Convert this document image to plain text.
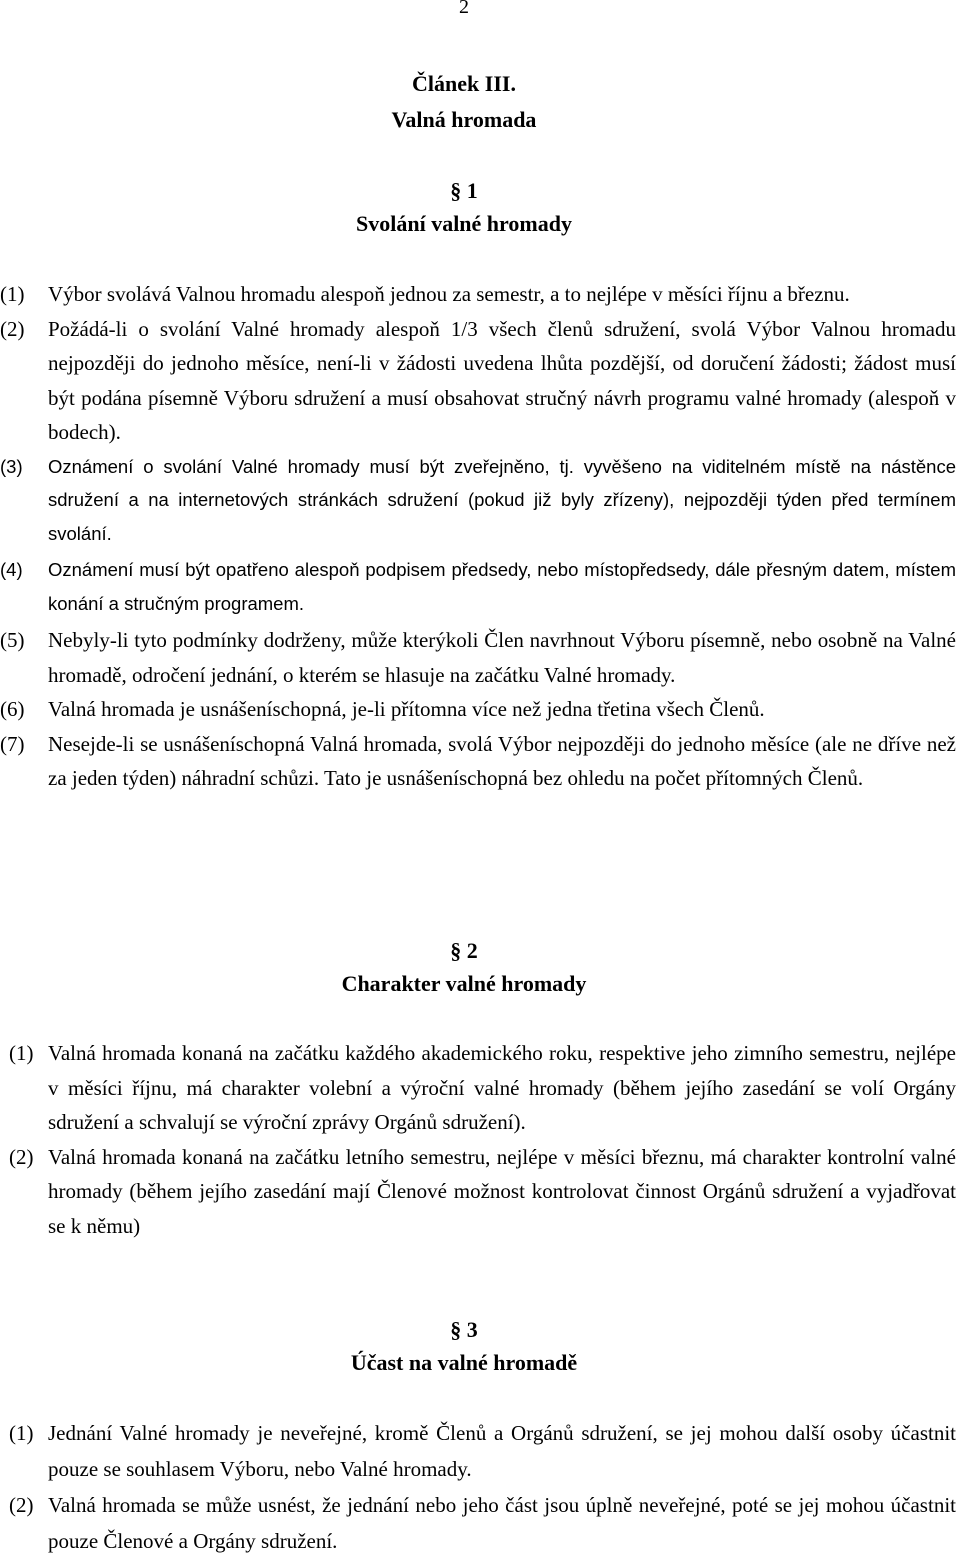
2
Článek III.
Valná hromada
§ 1
Svolání valné hromady
(1) Výbor svolává Valnou hromadu alespoň jednou za semestr, a to nejlépe v měsíci říjnu a březnu.
(2) Požádá-li o svolání Valné hromady alespoň 1/3 všech členů sdružení, svolá Výbor Valnou hromadu nejpozději do jednoho měsíce, není-li v žádosti uvedena lhůta pozdější, od doručení žádosti; žádost musí být podána písemně Výboru sdružení a musí obsahovat stručný návrh programu valné hromady (alespoň v bodech).
(3) Oznámení o svolání Valné hromady musí být zveřejněno, tj. vyvěšeno na viditelném místě na nástěnce sdružení a na internetových stránkách sdružení (pokud již byly zřízeny), nejpozději týden před termínem svolání.
(4) Oznámení musí být opatřeno alespoň podpisem předsedy, nebo místopředsedy, dále přesným datem, místem konání a stručným programem.
(5) Nebyly-li tyto podmínky dodrženy, může kterýkoli Člen navrhnout Výboru písemně, nebo osobně na Valné hromadě, odročení jednání, o kterém se hlasuje na začátku Valné hromady.
(6) Valná hromada je usnášeníschopná, je-li přítomna více než jedna třetina všech Členů.
(7) Nesejde-li se usnášeníschopná Valná hromada, svolá Výbor nejpozději do jednoho měsíce (ale ne dříve než za jeden týden) náhradní schůzi. Tato je usnášeníschopná bez ohledu na počet přítomných Členů.
§ 2
Charakter valné hromady
(1) Valná hromada konaná na začátku každého akademického roku, respektive jeho zimního semestru, nejlépe v měsíci říjnu, má charakter volební a výroční valné hromady (během jejího zasedání se volí Orgány sdružení a schvalují se výroční zprávy Orgánů sdružení).
(2) Valná hromada konaná na začátku letního semestru, nejlépe v měsíci březnu, má charakter kontrolní valné hromady (během jejího zasedání mají Členové možnost kontrolovat činnost Orgánů sdružení a vyjadřovat se k němu)
§ 3
Účast na valné hromadě
(1) Jednání Valné hromady je neveřejné, kromě Členů a Orgánů sdružení, se jej mohou další osoby účastnit pouze se souhlasem Výboru, nebo Valné hromady.
(2) Valná hromada se může usnést, že jednání nebo jeho část jsou úplně neveřejné, poté se jej mohou účastnit pouze Členové a Orgány sdružení.
